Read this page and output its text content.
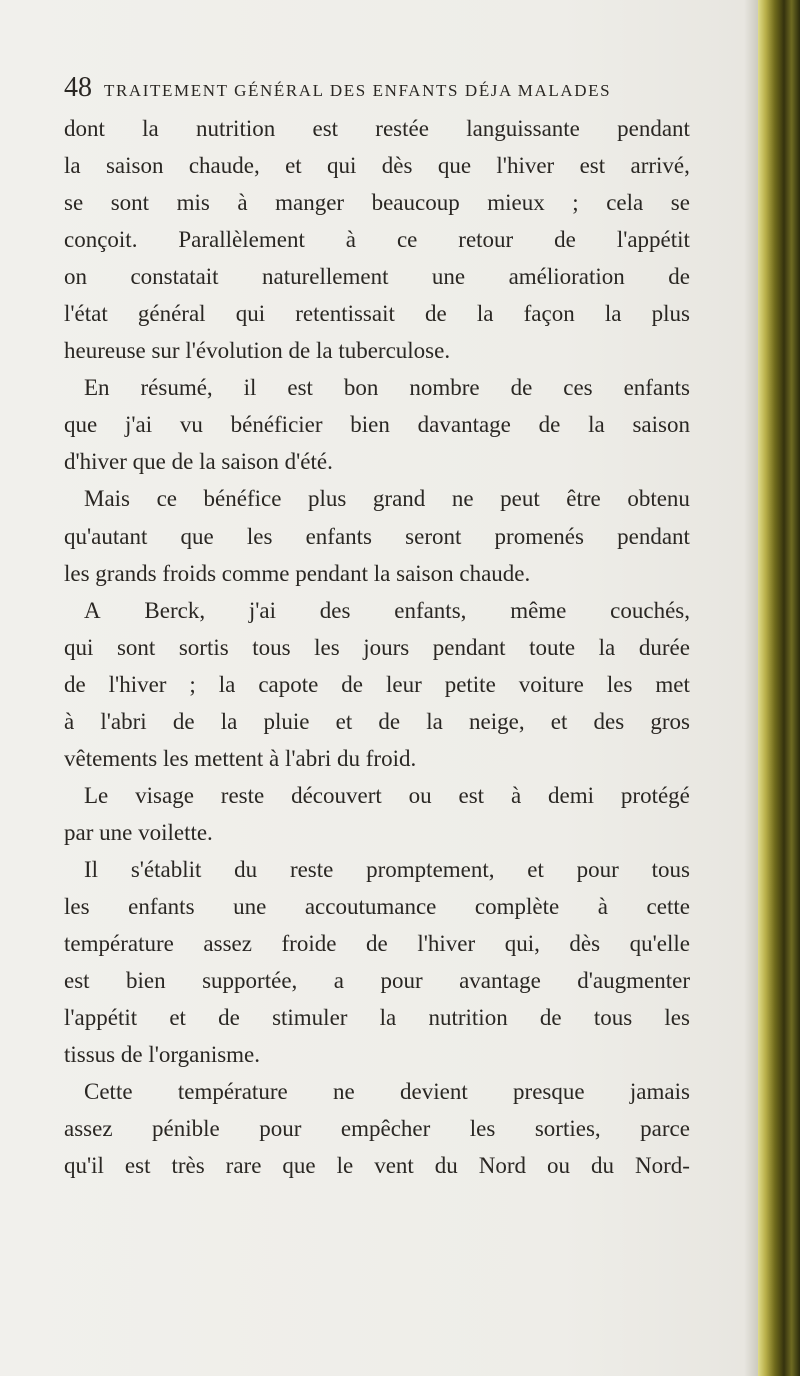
48 TRAITEMENT GÉNÉRAL DES ENFANTS DÉJA MALADES
dont la nutrition est restée languissante pendant
la saison chaude, et qui dès que l'hiver est arrivé,
se sont mis à manger beaucoup mieux ; cela se
conçoit. Parallèlement à ce retour de l'appétit
on constatait naturellement une amélioration de
l'état général qui retentissait de la façon la plus
heureuse sur l'évolution de la tuberculose.
En résumé, il est bon nombre de ces enfants
que j'ai vu bénéficier bien davantage de la saison
d'hiver que de la saison d'été.
Mais ce bénéfice plus grand ne peut être obtenu
qu'autant que les enfants seront promenés pendant
les grands froids comme pendant la saison chaude.
A Berck, j'ai des enfants, même couchés,
qui sont sortis tous les jours pendant toute la durée
de l'hiver ; la capote de leur petite voiture les met
à l'abri de la pluie et de la neige, et des gros
vêtements les mettent à l'abri du froid.
Le visage reste découvert ou est à demi protégé
par une voilette.
Il s'établit du reste promptement, et pour tous
les enfants une accoutumance complète à cette
température assez froide de l'hiver qui, dès qu'elle
est bien supportée, a pour avantage d'augmenter
l'appétit et de stimuler la nutrition de tous les
tissus de l'organisme.
Cette température ne devient presque jamais
assez pénible pour empêcher les sorties, parce
qu'il est très rare que le vent du Nord ou du Nord-
